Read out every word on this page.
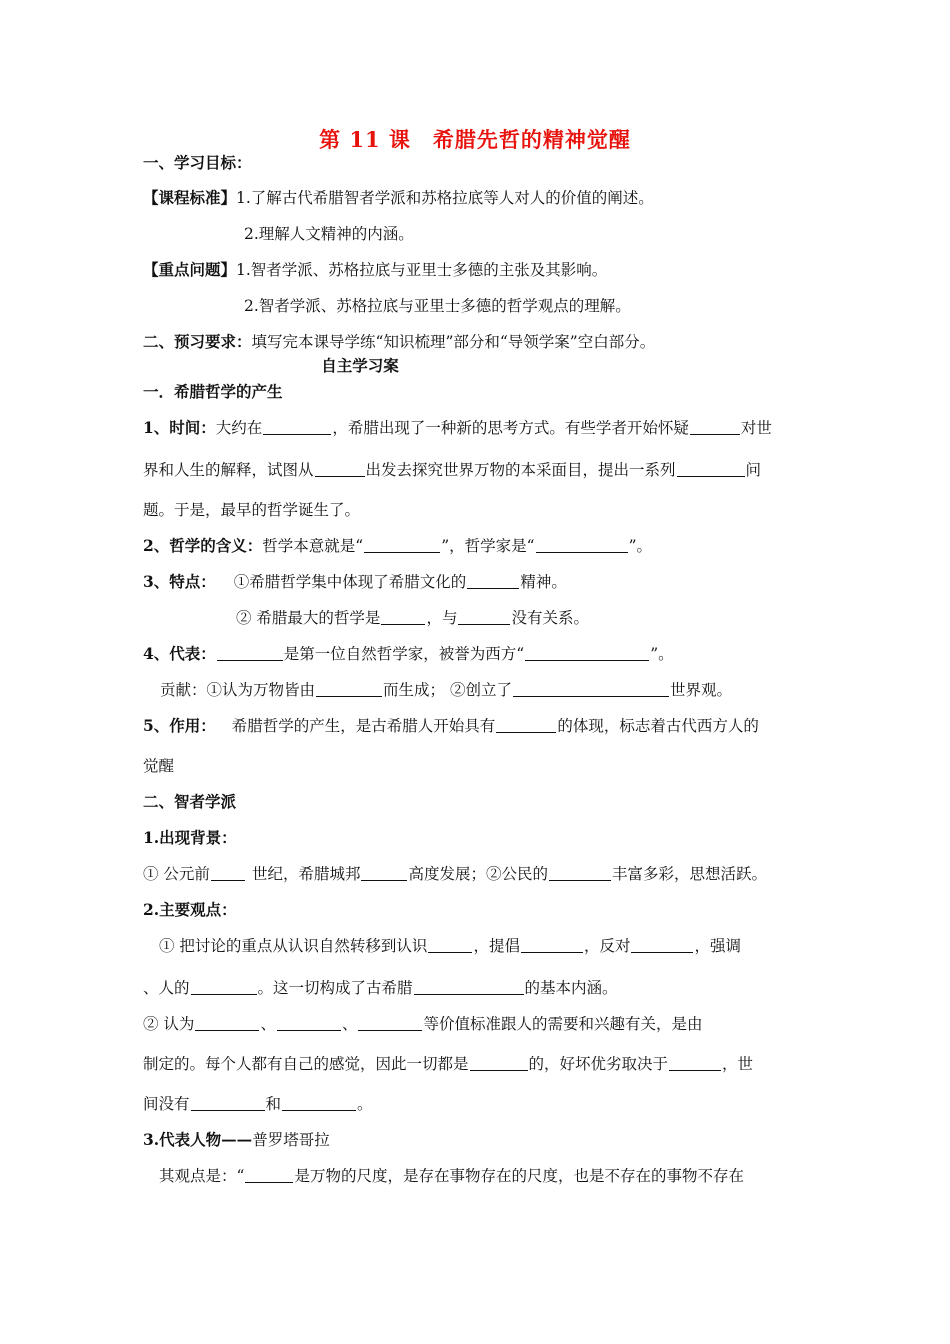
第 11 课　希腊先哲的精神觉醒
一、学习目标：
【课程标准】1.了解古代希腊智者学派和苏格拉底等人对人的价值的阐述。
2.理解人文精神的内涵。
【重点问题】1.智者学派、苏格拉底与亚里士多德的主张及其影响。
2.智者学派、苏格拉底与亚里士多德的哲学观点的理解。
二、预习要求：填写完本课导学练“知识梳理”部分和“导领学案”空白部分。
自主学习案
一．希腊哲学的产生
1、时间：大约在	，希腊出现了一种新的思考方式。有些学者开始怀疑	对世
界和人生的解释，试图从	出发去探究世界万物的本采面目，提出一系列	问
题。于是，最早的哲学诞生了。
2、哲学的含义：哲学本意就是“	”，哲学家是“	”。
3、特点： ①希腊哲学集中体现了希腊文化的	精神。
② 希腊最大的哲学是	，与	没有关系。
4、代表：	是第一位自然哲学家，被誉为西方“	”。
贡献：①认为万物皆由	而生成； ②创立了	世界观。
5、作用： 希腊哲学的产生，是古希腊人开始具有	的体现，标志着古代西方人的
觉醒
二、智者学派
1.出现背景：
① 公元前	世纪，希腊城邦	高度发展；②公民的	丰富多彩，思想活跃。
2.主要观点：
① 把讨论的重点从认识自然转移到认识	，提倡	，反对	，强调
、人的	。这一切构成了古希腊	的基本内涵。
② 认为	、	、	等价值标准跟人的需要和兴趣有关，是由
制定的。每个人都有自己的感觉，因此一切都是	的，好坏优劣取决于	，世
间没有	和	。
3.代表人物——普罗塔哥拉
其观点是：“	是万物的尺度，是存在事物存在的尺度，也是不存在的事物不存在
